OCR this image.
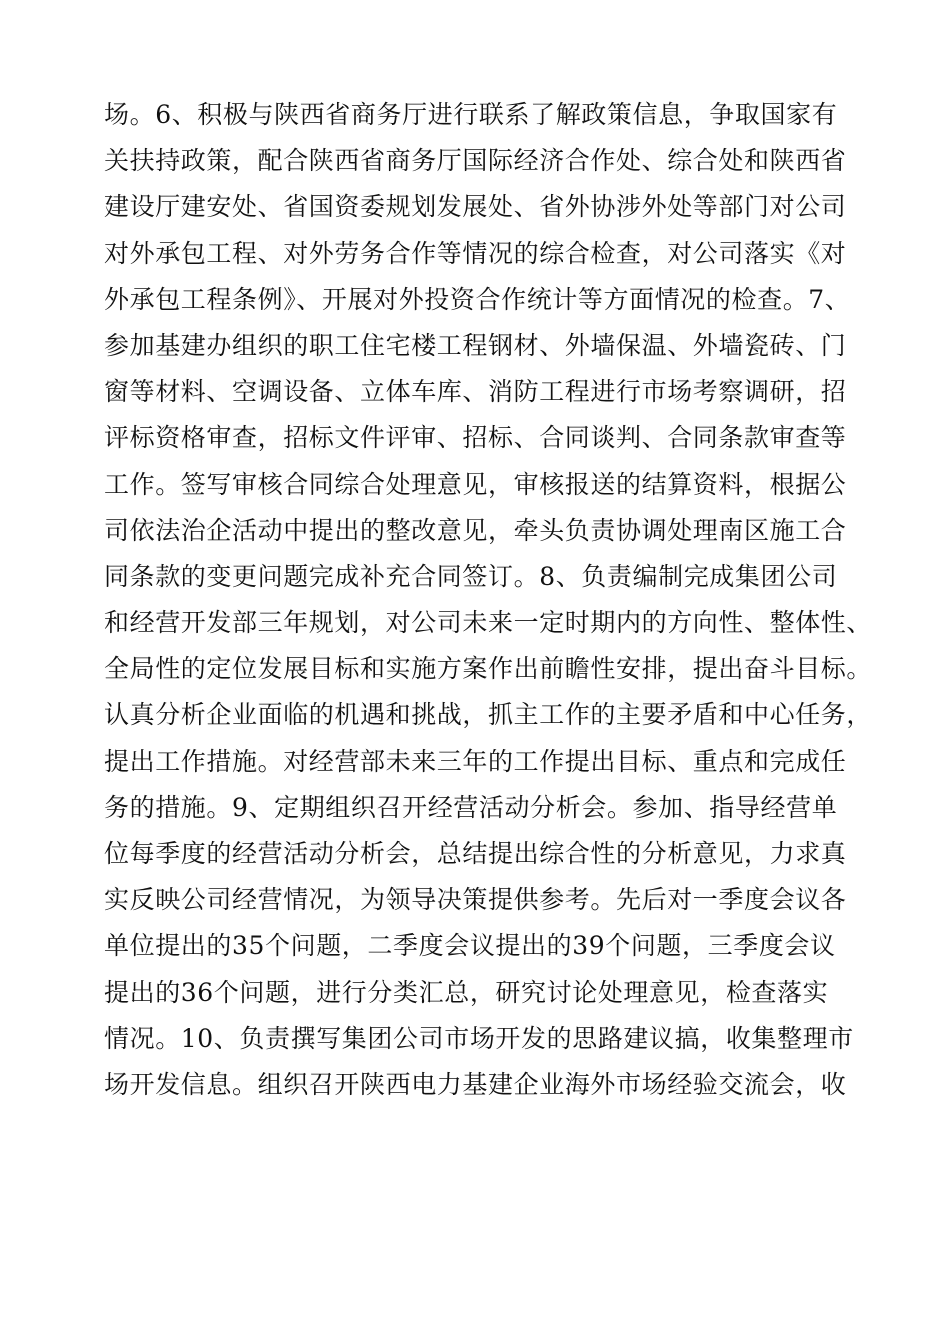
场。6、积极与陕西省商务厅进行联系了解政策信息，争取国家有
关扶持政策，配合陕西省商务厅国际经济合作处、综合处和陕西省
建设厅建安处、省国资委规划发展处、省外协涉外处等部门对公司
对外承包工程、对外劳务合作等情况的综合检查，对公司落实《对
外承包工程条例》、开展对外投资合作统计等方面情况的检查。7、
参加基建办组织的职工住宅楼工程钢材、外墙保温、外墙瓷砖、门
窗等材料、空调设备、立体车库、消防工程进行市场考察调研，招
评标资格审查，招标文件评审、招标、合同谈判、合同条款审查等
工作。签写审核合同综合处理意见，审核报送的结算资料，根据公
司依法治企活动中提出的整改意见，牵头负责协调处理南区施工合
同条款的变更问题完成补充合同签订。8、负责编制完成集团公司
和经营开发部三年规划，对公司未来一定时期内的方向性、整体性、
全局性的定位发展目标和实施方案作出前瞻性安排，提出奋斗目标。
认真分析企业面临的机遇和挑战，抓主工作的主要矛盾和中心任务，
提出工作措施。对经营部未来三年的工作提出目标、重点和完成任
务的措施。9、定期组织召开经营活动分析会。参加、指导经营单
位每季度的经营活动分析会，总结提出综合性的分析意见，力求真
实反映公司经营情况，为领导决策提供参考。先后对一季度会议各
单位提出的35个问题，二季度会议提出的39个问题，三季度会议
提出的36个问题，进行分类汇总，研究讨论处理意见，检查落实
情况。10、负责撰写集团公司市场开发的思路建议搞，收集整理市
场开发信息。组织召开陕西电力基建企业海外市场经验交流会，收
